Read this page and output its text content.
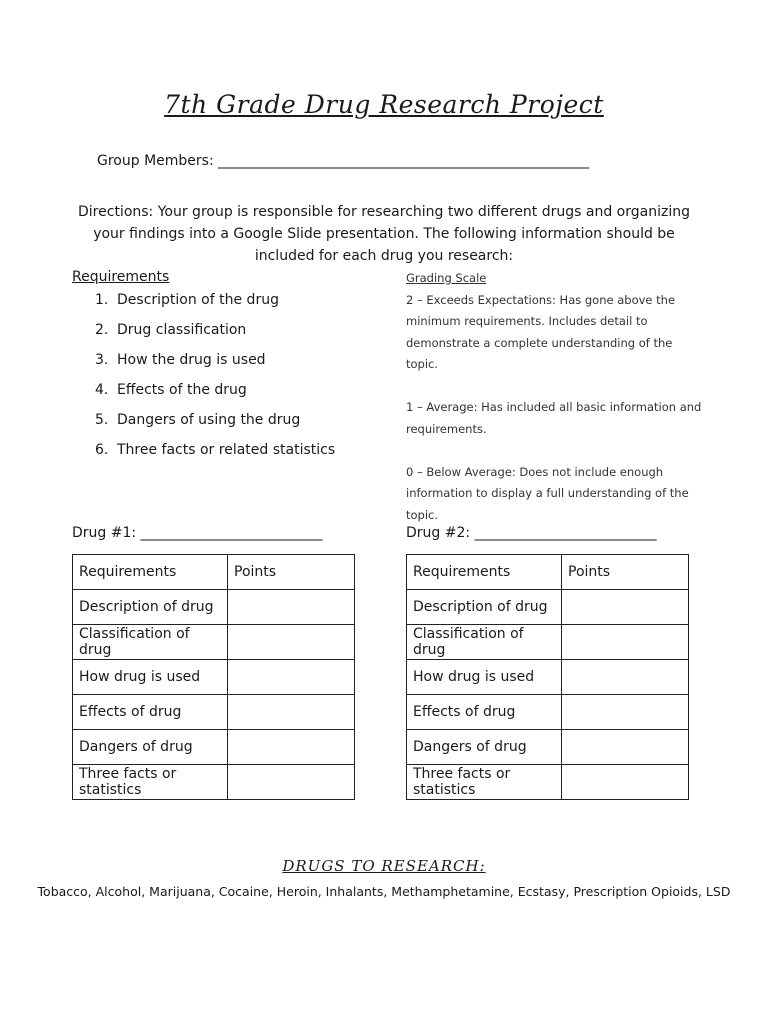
7th Grade Drug Research Project
Group Members: _____________________________________________________
Directions: Your group is responsible for researching two different drugs and organizing your findings into a Google Slide presentation. The following information should be included for each drug you research:
Requirements
1. Description of the drug
2. Drug classification
3. How the drug is used
4. Effects of the drug
5. Dangers of using the drug
6. Three facts or related statistics
Grading Scale

2 – Exceeds Expectations: Has gone above the minimum requirements. Includes detail to demonstrate a complete understanding of the topic.

1 – Average: Has included all basic information and requirements.

0 – Below Average: Does not include enough information to display a full understanding of the topic.

Drug #1: __________________________
Requirements	Points
Description of drug	
Classification of drug	
How drug is used	
Effects of drug	
Dangers of drug	
Three facts or statistics	
Drug #2: __________________________
Requirements	Points
Description of drug	
Classification of drug	
How drug is used	
Effects of drug	
Dangers of drug	
Three facts or statistics	
DRUGS TO RESEARCH:
Tobacco, Alcohol, Marijuana, Cocaine, Heroin, Inhalants, Methamphetamine, Ecstasy, Prescription Opioids, LSD
